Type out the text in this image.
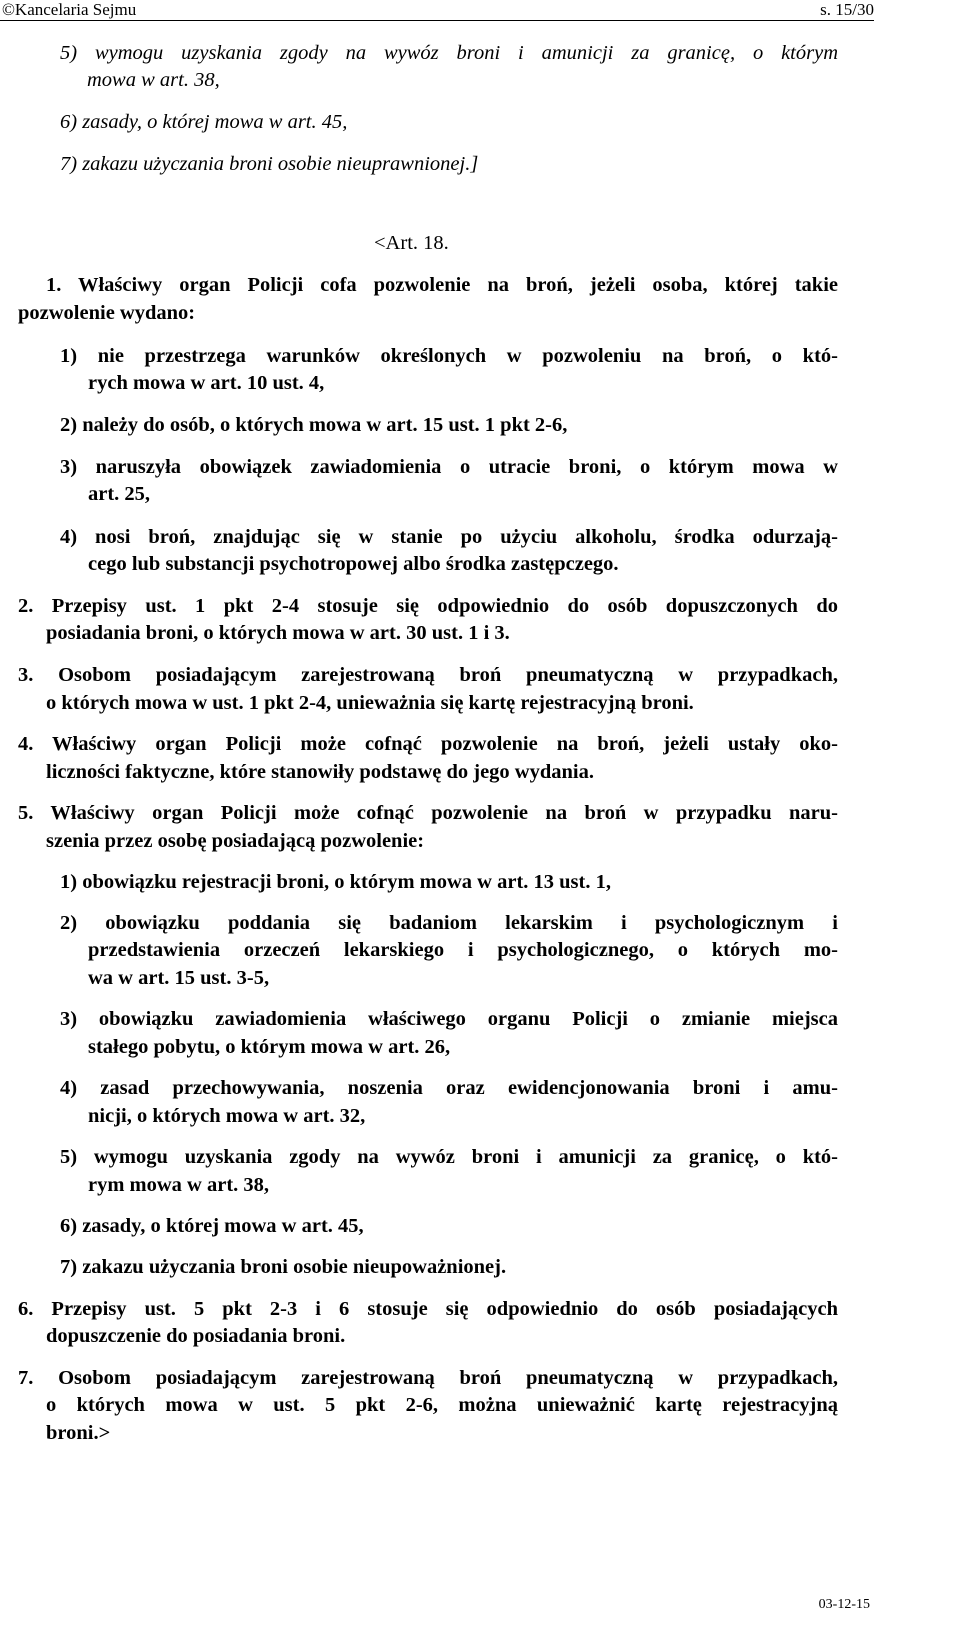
©Kancelaria Sejmu	s. 15/30
5) wymogu uzyskania zgody na wywóz broni i amunicji za granicę, o którym
mowa w art. 38,
6) zasady, o której mowa w art. 45,
7) zakazu użyczania broni osobie nieuprawnionej.]
<Art. 18.
1. Właściwy organ Policji cofa pozwolenie na broń, jeżeli osoba, której takie
pozwolenie wydano:
1) nie przestrzega warunków określonych w pozwoleniu na broń, o któ-
rych mowa w art. 10 ust. 4,
2) należy do osób, o których mowa w art. 15 ust. 1 pkt 2-6,
3) naruszyła obowiązek zawiadomienia o utracie broni, o którym mowa w
art. 25,
4) nosi broń, znajdując się w stanie po użyciu alkoholu, środka odurzają-
cego lub substancji psychotropowej albo środka zastępczego.
2. Przepisy ust. 1 pkt 2-4 stosuje się odpowiednio do osób dopuszczonych do
posiadania broni, o których mowa w art. 30 ust. 1 i 3.
3. Osobom posiadającym zarejestrowaną broń pneumatyczną w przypadkach,
o których mowa w ust. 1 pkt 2-4, unieważnia się kartę rejestracyjną broni.
4. Właściwy organ Policji może cofnąć pozwolenie na broń, jeżeli ustały oko-
liczności faktyczne, które stanowiły podstawę do jego wydania.
5. Właściwy organ Policji może cofnąć pozwolenie na broń w przypadku naru-
szenia przez osobę posiadającą pozwolenie:
1) obowiązku rejestracji broni, o którym mowa w art. 13 ust. 1,
2) obowiązku poddania się badaniom lekarskim i psychologicznym i
przedstawienia orzeczeń lekarskiego i psychologicznego, o których mo-
wa w art. 15 ust. 3-5,
3) obowiązku zawiadomienia właściwego organu Policji o zmianie miejsca
stałego pobytu, o którym mowa w art. 26,
4) zasad przechowywania, noszenia oraz ewidencjonowania broni i amu-
nicji, o których mowa w art. 32,
5) wymogu uzyskania zgody na wywóz broni i amunicji za granicę, o któ-
rym mowa w art. 38,
6) zasady, o której mowa w art. 45,
7) zakazu użyczania broni osobie nieupoważnionej.
6. Przepisy ust. 5 pkt 2-3 i 6 stosuje się odpowiednio do osób posiadających
dopuszczenie do posiadania broni.
7. Osobom posiadającym zarejestrowaną broń pneumatyczną w przypadkach,
o których mowa w ust. 5 pkt 2-6, można unieważnić kartę rejestracyjną
broni.>
03-12-15
